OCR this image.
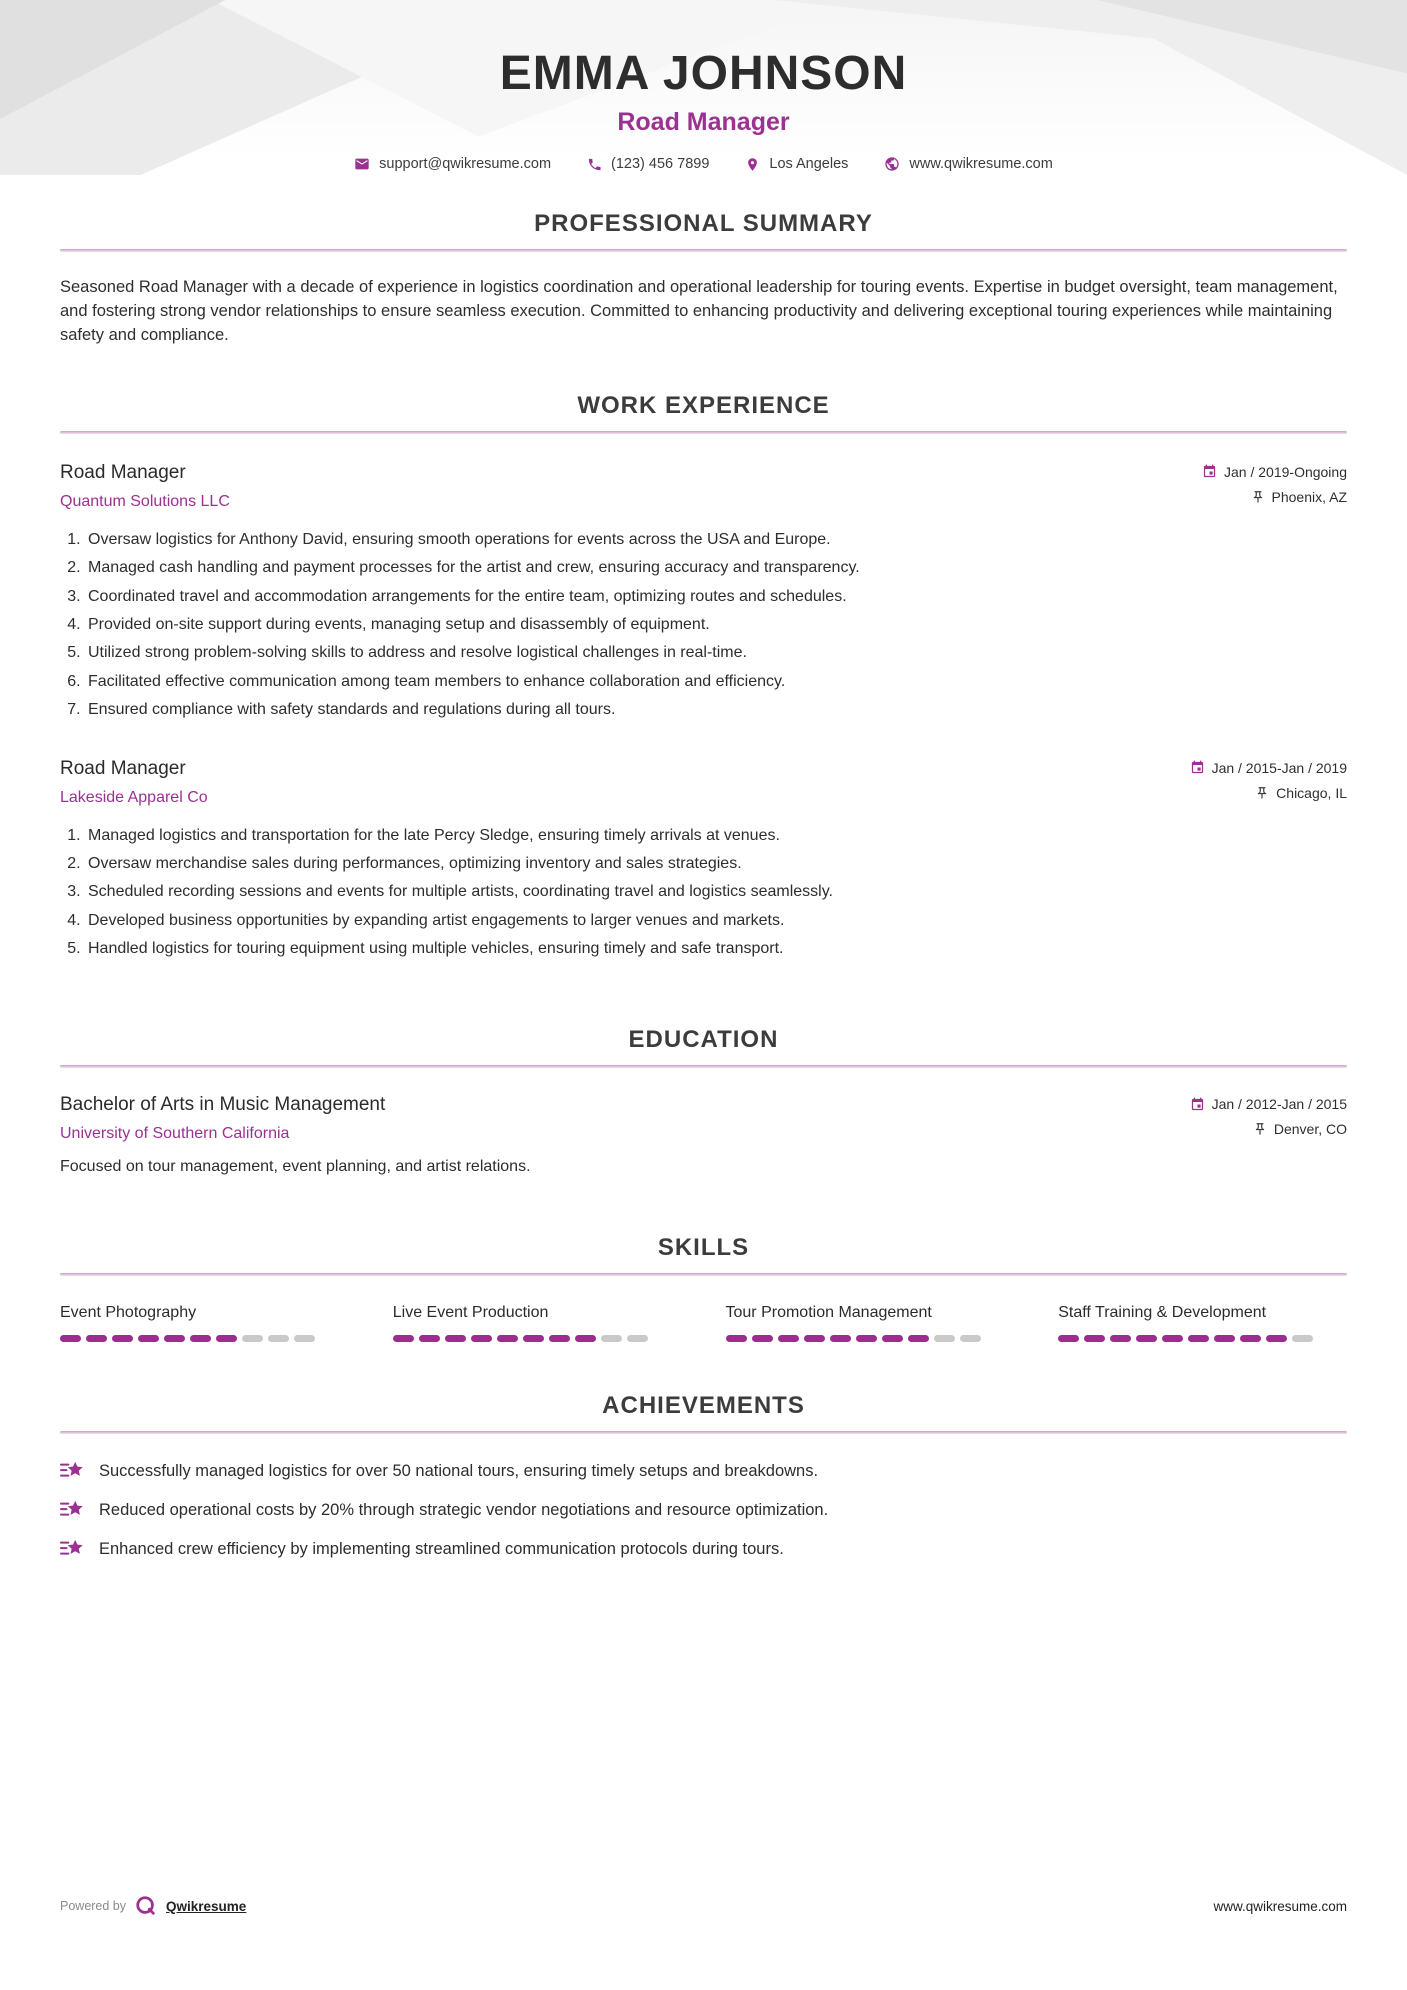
EMMA JOHNSON
Road Manager
support@qwikresume.com	(123) 456 7899	Los Angeles	www.qwikresume.com
PROFESSIONAL SUMMARY

Seasoned Road Manager with a decade of experience in logistics coordination and operational leadership for touring events. Expertise in budget oversight, team management, and fostering strong vendor relationships to ensure seamless execution. Committed to enhancing productivity and delivering exceptional touring experiences while maintaining safety and compliance.

WORK EXPERIENCE
Road Manager
Quantum Solutions LLC
Jan / 2019-Ongoing
Phoenix, AZ
1. Oversaw logistics for Anthony David, ensuring smooth operations for events across the USA and Europe.
2. Managed cash handling and payment processes for the artist and crew, ensuring accuracy and transparency.
3. Coordinated travel and accommodation arrangements for the entire team, optimizing routes and schedules.
4. Provided on-site support during events, managing setup and disassembly of equipment.
5. Utilized strong problem-solving skills to address and resolve logistical challenges in real-time.
6. Facilitated effective communication among team members to enhance collaboration and efficiency.
7. Ensured compliance with safety standards and regulations during all tours.
Road Manager
Lakeside Apparel Co
Jan / 2015-Jan / 2019
Chicago, IL
1. Managed logistics and transportation for the late Percy Sledge, ensuring timely arrivals at venues.
2. Oversaw merchandise sales during performances, optimizing inventory and sales strategies.
3. Scheduled recording sessions and events for multiple artists, coordinating travel and logistics seamlessly.
4. Developed business opportunities by expanding artist engagements to larger venues and markets.
5. Handled logistics for touring equipment using multiple vehicles, ensuring timely and safe transport.
EDUCATION
Bachelor of Arts in Music Management
University of Southern California
Jan / 2012-Jan / 2015
Denver, CO
Focused on tour management, event planning, and artist relations.
SKILLS
Event Photography	Live Event Production	Tour Promotion Management	Staff Training & Development
ACHIEVEMENTS
Successfully managed logistics for over 50 national tours, ensuring timely setups and breakdowns.
Reduced operational costs by 20% through strategic vendor negotiations and resource optimization.
Enhanced crew efficiency by implementing streamlined communication protocols during tours.
Powered by	Qwikresume	www.qwikresume.com
